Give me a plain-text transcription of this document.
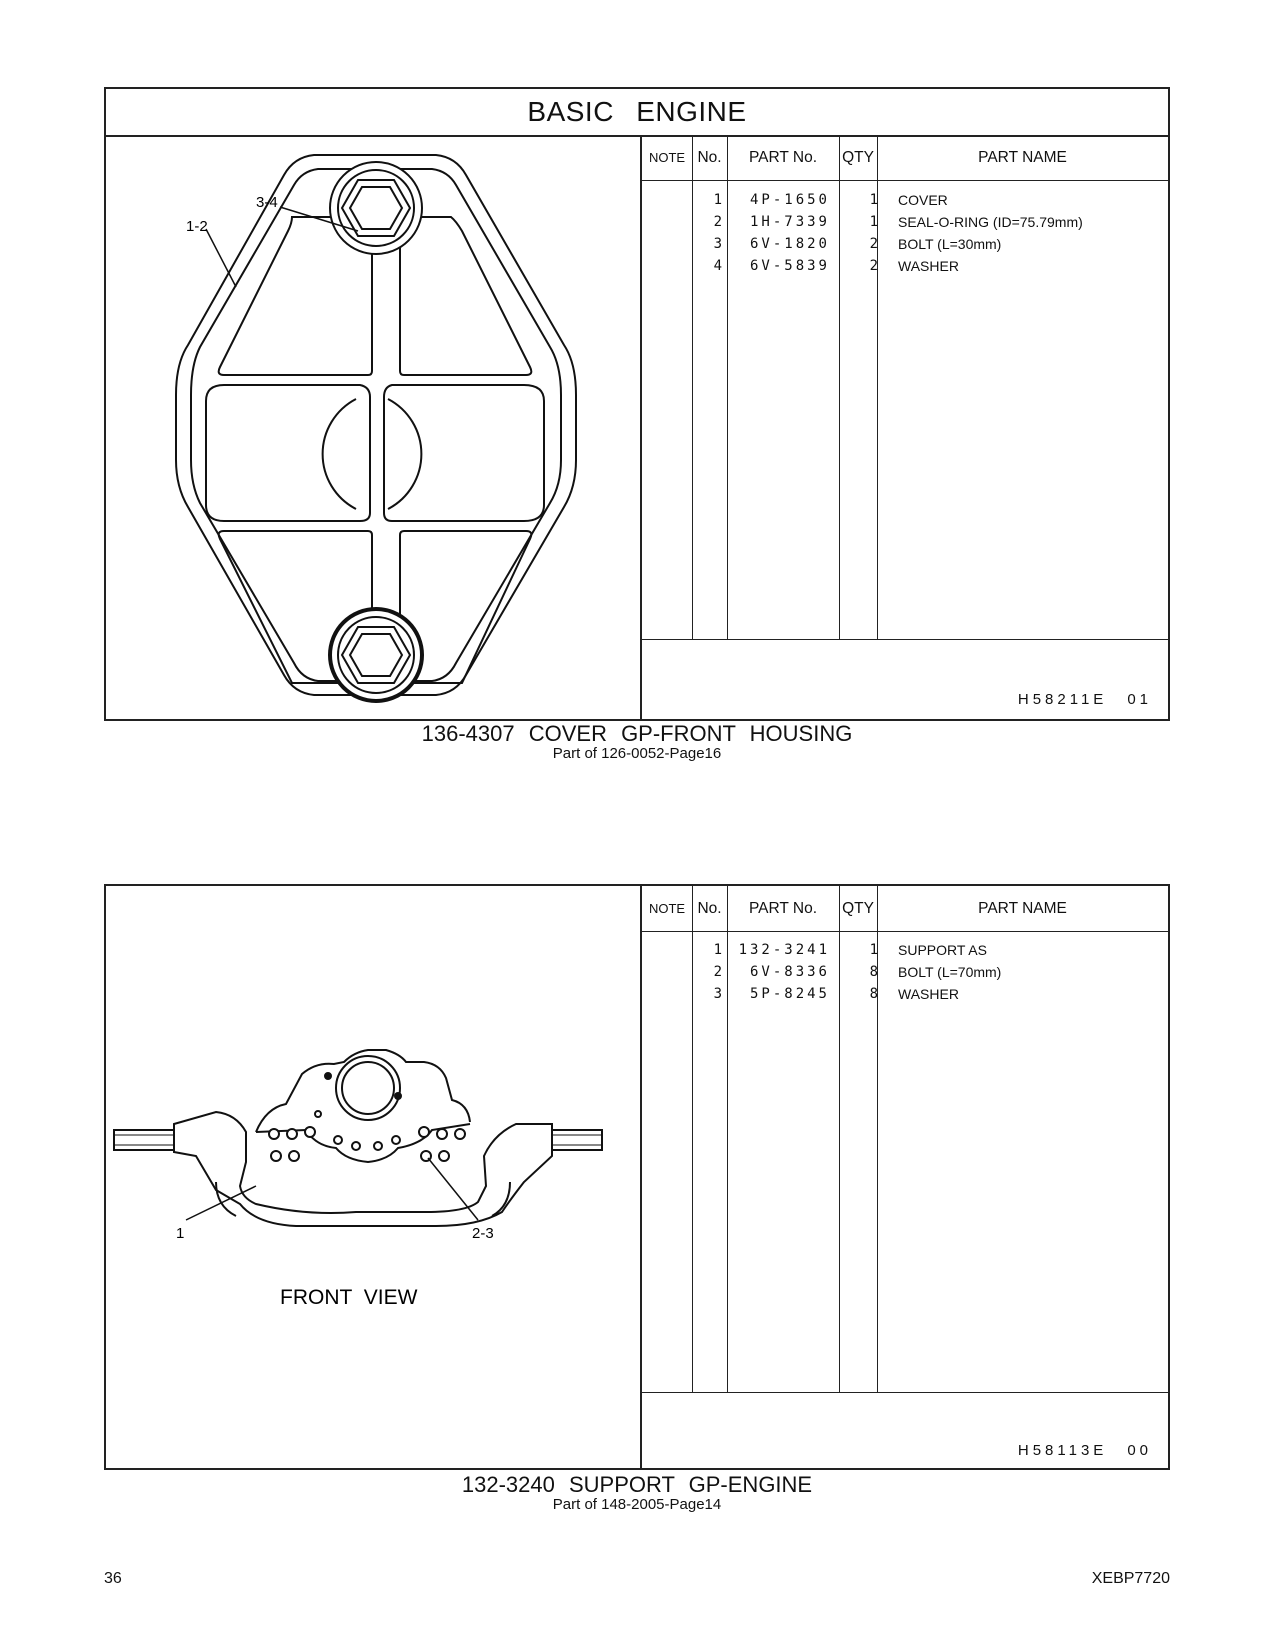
BASIC ENGINE
3-4
1-2
NOTE No.	PART No.	QTY	PART NAME
1	4P-1650	1 COVER
2	1H-7339	1 SEAL-O-RING (ID=75.79mm)
3	6V-1820	2 BOLT (L=30mm)
4	6V-5839	2 WASHER
H58211E 01
136-4307 COVER GP-FRONT HOUSING
Part of 126-0052-Page16
1	2-3
FRONT VIEW
NOTE No.	PART No.	QTY	PART NAME
1	132-3241	1 SUPPORT AS
2	6V-8336	8 BOLT (L=70mm)
3	5P-8245	8 WASHER
H58113E 00
132-3240 SUPPORT GP-ENGINE
Part of 148-2005-Page14
36	XEBP7720
